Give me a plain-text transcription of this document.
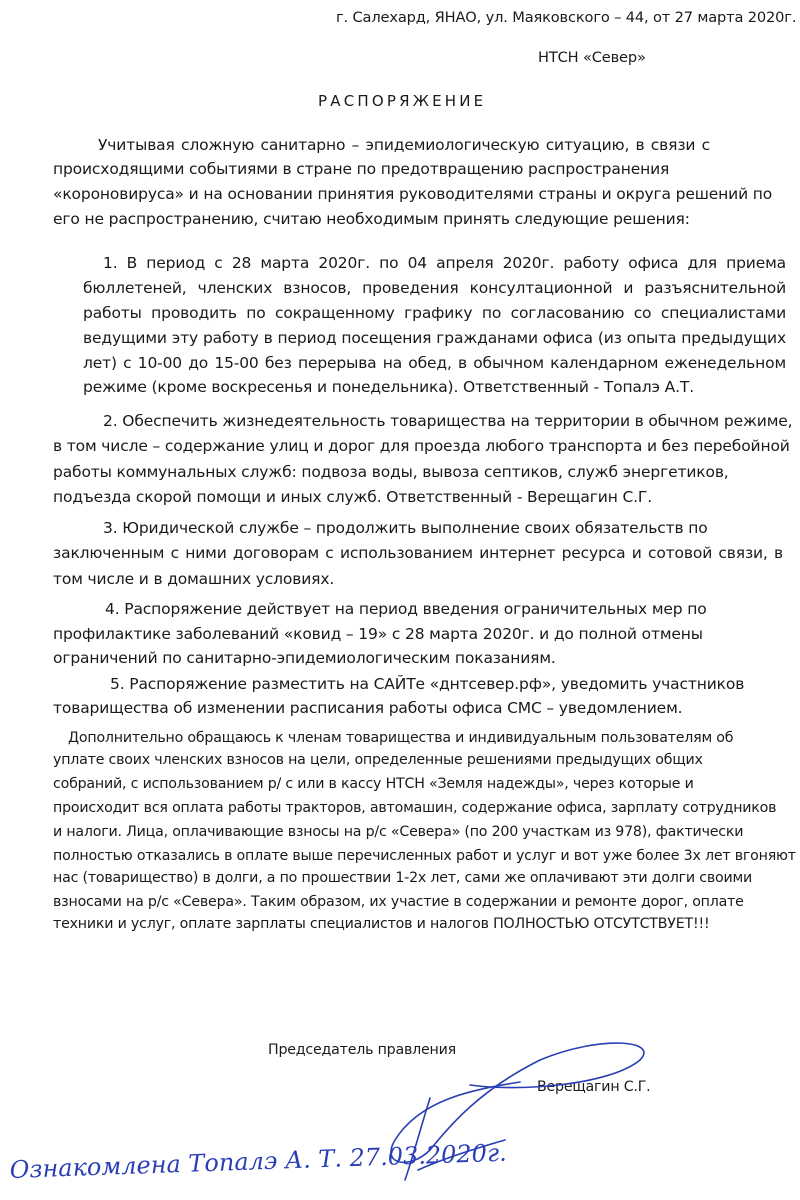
г. Салехард, ЯНАО, ул. Маяковского – 44, от 27 марта 2020г.
НТСН «Север»
РАСПОРЯЖЕНИЕ
Учитывая сложную санитарно – эпидемиологическую ситуацию, в связи с
происходящими событиями в стране по предотвращению распространения
«короновируса» и на основании принятия руководителями страны и округа решений по
его не распространению, считаю необходимым принять следующие решения:
1. В период с 28 марта 2020г. по 04 апреля 2020г. работу офиса для приема
бюллетеней, членских взносов, проведения консултационной и разъяснительной
работы проводить по сокращенному графику по согласованию со специалистами
ведущими эту работу в период посещения гражданами офиса (из опыта предыдущих
лет) с 10-00 до 15-00 без перерыва на обед, в обычном календарном еженедельном
режиме (кроме воскресенья и понедельника). Ответственный - Топалэ А.Т.
2. Обеспечить жизнедеятельность товарищества на территории в обычном режиме,
в том числе – содержание улиц и дорог для проезда любого транспорта и без перебойной
работы коммунальных служб: подвоза воды, вывоза септиков, служб энергетиков,
подъезда скорой помощи и иных служб. Ответственный - Верещагин С.Г.
3. Юридической службе – продолжить выполнение своих обязательств по
заключенным с ними договорам с использованием интернет ресурса и сотовой связи, в
том числе и в домашних условиях.
4. Распоряжение действует на период введения ограничительных мер по
профилактике заболеваний «ковид – 19» с 28 марта 2020г. и до полной отмены
ограничений по санитарно-эпидемиологическим показаниям.
5. Распоряжение разместить на САЙТе «днтсевер.рф», уведомить участников
товарищества об изменении расписания работы офиса СМС – уведомлением.
Дополнительно обращаюсь к членам товарищества и индивидуальным пользователям об
уплате своих членских взносов на цели, определенные решениями предыдущих общих
собраний, с использованием р/ с или в кассу НТСН «Земля надежды», через которые и
происходит вся оплата работы тракторов, автомашин, содержание офиса, зарплату сотрудников
и налоги. Лица, оплачивающие взносы на р/с «Севера» (по 200 участкам из 978), фактически
полностью отказались в оплате выше перечисленных работ и услуг и вот уже более 3х лет вгоняют
нас (товарищество) в долги, а по прошествии 1-2х лет, сами же оплачивают эти долги своими
взносами на р/с «Севера». Таким образом, их участие в содержании и ремонте дорог, оплате
техники и услуг, оплате зарплаты специалистов и налогов ПОЛНОСТЬЮ ОТСУТСТВУЕТ!!!
Председатель правления
Верещагин С.Г.
Ознакомлена Топалэ А. Т. 27.03.2020г.
